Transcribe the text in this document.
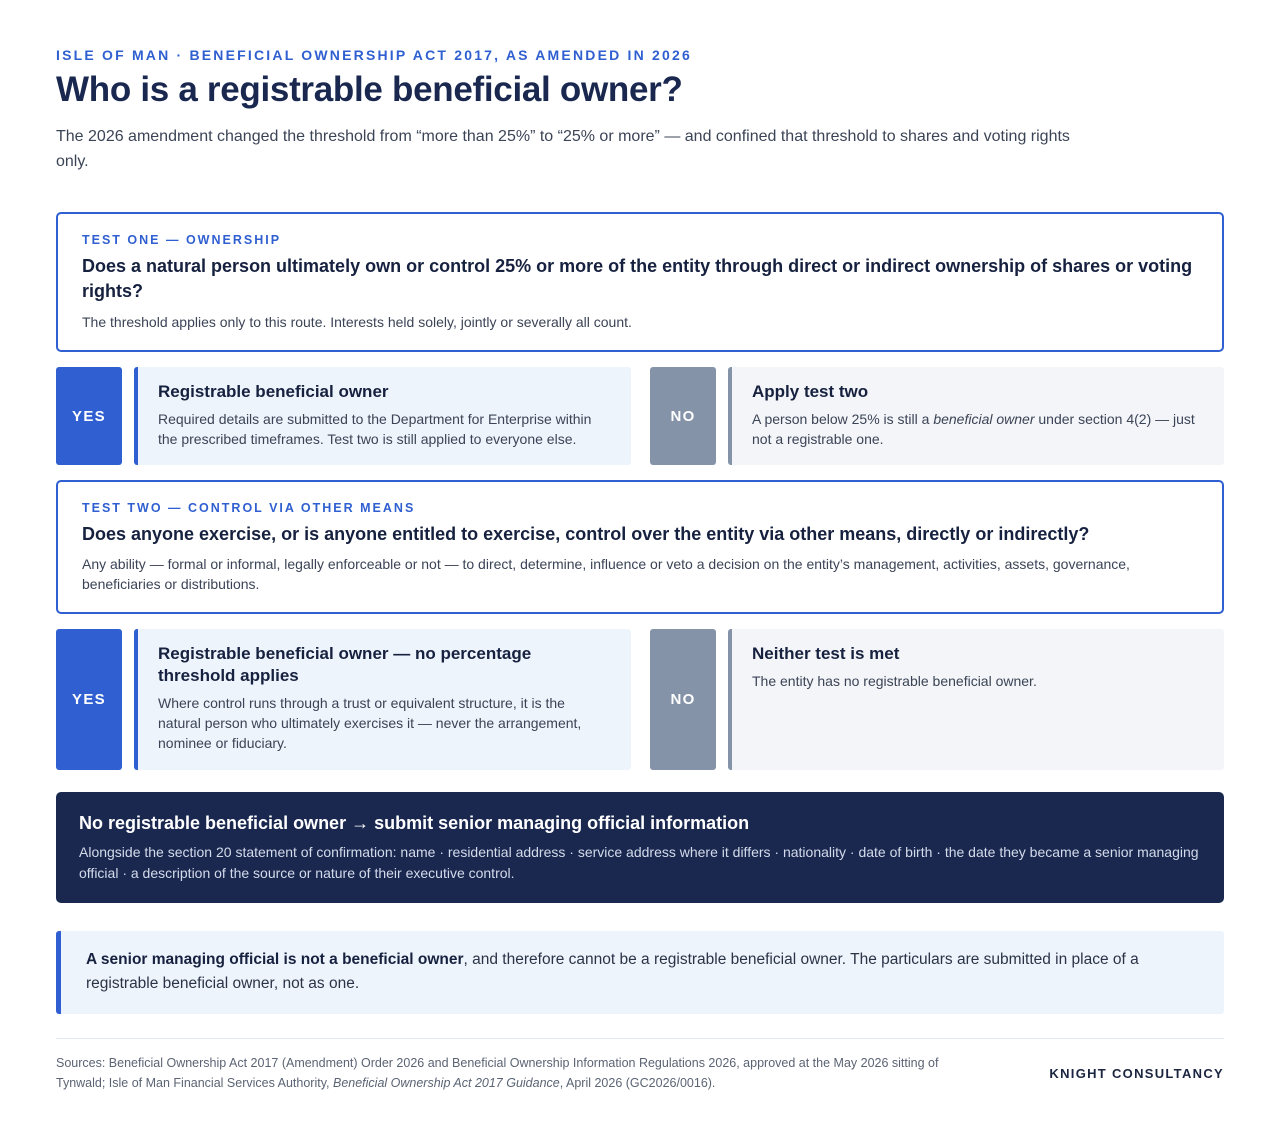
ISLE OF MAN · BENEFICIAL OWNERSHIP ACT 2017, AS AMENDED IN 2026
Who is a registrable beneficial owner?

The 2026 amendment changed the threshold from “more than 25%” to “25% or more” — and confined that threshold to shares and voting rights only.

TEST ONE — OWNERSHIP
Does a natural person ultimately own or control 25% or more of the entity through direct or indirect ownership of shares or voting rights?
The threshold applies only to this route. Interests held solely, jointly or severally all count.
YES
Registrable beneficial owner
Required details are submitted to the Department for Enterprise within the prescribed timeframes. Test two is still applied to everyone else.
NO
Apply test two
A person below 25% is still a beneficial owner under section 4(2) — just not a registrable one.
TEST TWO — CONTROL VIA OTHER MEANS
Does anyone exercise, or is anyone entitled to exercise, control over the entity via other means, directly or indirectly?
Any ability — formal or informal, legally enforceable or not — to direct, determine, influence or veto a decision on the entity’s management, activities, assets, governance, beneficiaries or distributions.
YES
Registrable beneficial owner — no percentage threshold applies
Where control runs through a trust or equivalent structure, it is the natural person who ultimately exercises it — never the arrangement, nominee or fiduciary.
NO
Neither test is met
The entity has no registrable beneficial owner.
No registrable beneficial owner → submit senior managing official information
Alongside the section 20 statement of confirmation: name · residential address · service address where it differs · nationality · date of birth · the date they became a senior managing official · a description of the source or nature of their executive control.
A senior managing official is not a beneficial owner, and therefore cannot be a registrable beneficial owner. The particulars are submitted in place of a registrable beneficial owner, not as one.
Sources: Beneficial Ownership Act 2017 (Amendment) Order 2026 and Beneficial Ownership Information Regulations 2026, approved at the May 2026 sitting of Tynwald; Isle of Man Financial Services Authority, Beneficial Ownership Act 2017 Guidance, April 2026 (GC2026/0016).
KNIGHT CONSULTANCY
